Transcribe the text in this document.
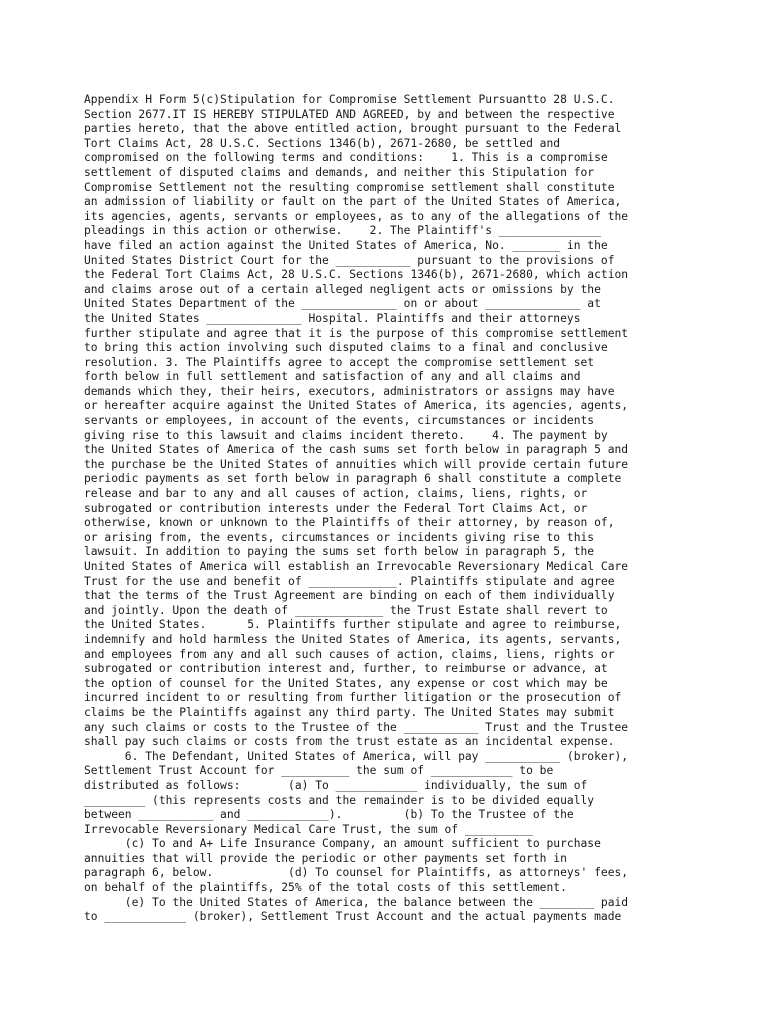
Appendix H Form 5(c)Stipulation for Compromise Settlement Pursuantto 28 U.S.C.
Section 2677.IT IS HEREBY STIPULATED AND AGREED, by and between the respective
parties hereto, that the above entitled action, brought pursuant to the Federal
Tort Claims Act, 28 U.S.C. Sections 1346(b), 2671-2680, be settled and
compromised on the following terms and conditions:    1. This is a compromise
settlement of disputed claims and demands, and neither this Stipulation for
Compromise Settlement not the resulting compromise settlement shall constitute
an admission of liability or fault on the part of the United States of America,
its agencies, agents, servants or employees, as to any of the allegations of the
pleadings in this action or otherwise.    2. The Plaintiff's _______________
have filed an action against the United States of America, No. _______ in the
United States District Court for the ___________ pursuant to the provisions of
the Federal Tort Claims Act, 28 U.S.C. Sections 1346(b), 2671-2680, which action
and claims arose out of a certain alleged negligent acts or omissions by the
United States Department of the ______________ on or about ______________ at
the United States ______________ Hospital. Plaintiffs and their attorneys
further stipulate and agree that it is the purpose of this compromise settlement
to bring this action involving such disputed claims to a final and conclusive
resolution. 3. The Plaintiffs agree to accept the compromise settlement set
forth below in full settlement and satisfaction of any and all claims and
demands which they, their heirs, executors, administrators or assigns may have
or hereafter acquire against the United States of America, its agencies, agents,
servants or employees, in account of the events, circumstances or incidents
giving rise to this lawsuit and claims incident thereto.    4. The payment by
the United States of America of the cash sums set forth below in paragraph 5 and
the purchase be the United States of annuities which will provide certain future
periodic payments as set forth below in paragraph 6 shall constitute a complete
release and bar to any and all causes of action, claims, liens, rights, or
subrogated or contribution interests under the Federal Tort Claims Act, or
otherwise, known or unknown to the Plaintiffs of their attorney, by reason of,
or arising from, the events, circumstances or incidents giving rise to this
lawsuit. In addition to paying the sums set forth below in paragraph 5, the
United States of America will establish an Irrevocable Reversionary Medical Care
Trust for the use and benefit of _____________. Plaintiffs stipulate and agree
that the terms of the Trust Agreement are binding on each of them individually
and jointly. Upon the death of _____________ the Trust Estate shall revert to
the United States.      5. Plaintiffs further stipulate and agree to reimburse,
indemnify and hold harmless the United States of America, its agents, servants,
and employees from any and all such causes of action, claims, liens, rights or
subrogated or contribution interest and, further, to reimburse or advance, at
the option of counsel for the United States, any expense or cost which may be
incurred incident to or resulting from further litigation or the prosecution of
claims be the Plaintiffs against any third party. The United States may submit
any such claims or costs to the Trustee of the ___________ Trust and the Trustee
shall pay such claims or costs from the trust estate as an incidental expense.
6. The Defendant, United States of America, will pay ___________ (broker),
Settlement Trust Account for __________ the sum of ____________ to be
distributed as follows:       (a) To ____________ individually, the sum of
_________ (this represents costs and the remainder is to be divided equally
between ___________ and ____________).         (b) To the Trustee of the
Irrevocable Reversionary Medical Care Trust, the sum of __________
(c) To and A+ Life Insurance Company, an amount sufficient to purchase
annuities that will provide the periodic or other payments set forth in
paragraph 6, below.           (d) To counsel for Plaintiffs, as attorneys' fees,
on behalf of the plaintiffs, 25% of the total costs of this settlement.
(e) To the United States of America, the balance between the ________ paid
to ____________ (broker), Settlement Trust Account and the actual payments made
